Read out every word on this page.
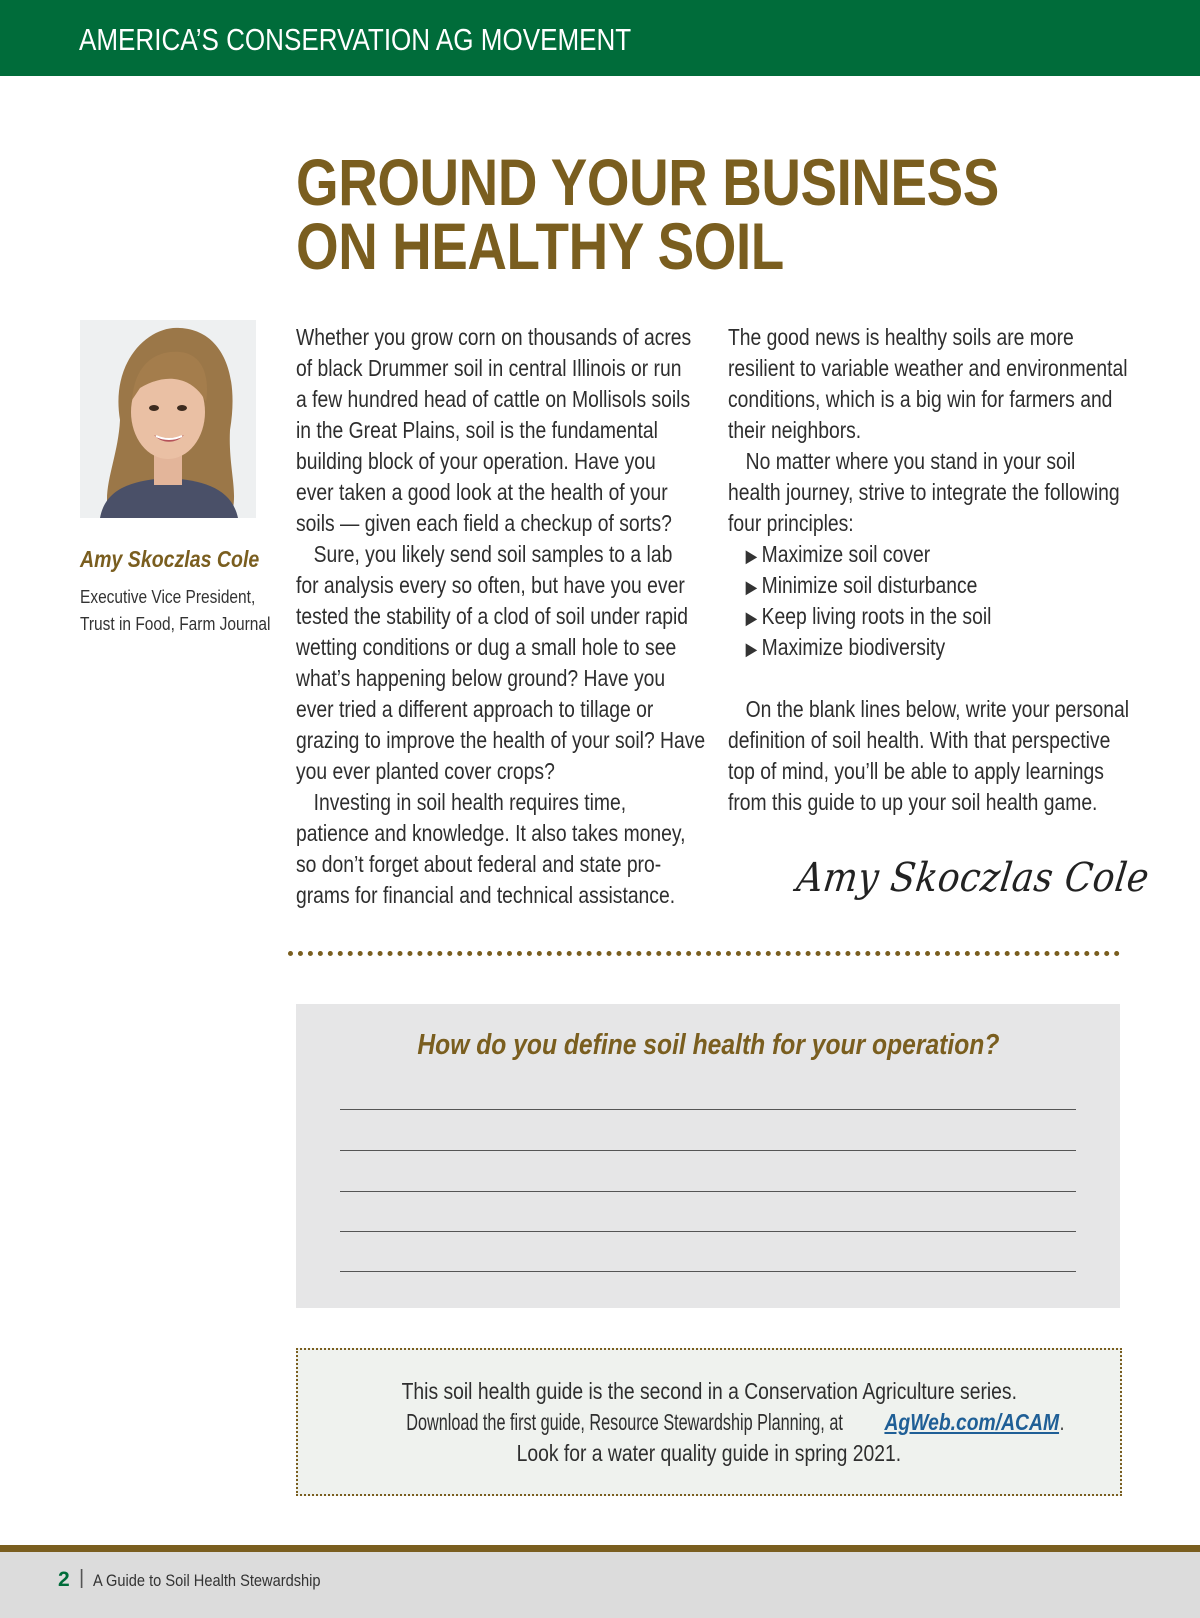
AMERICA’S CONSERVATION AG MOVEMENT
GROUND YOUR BUSINESS
ON HEALTHY SOIL
Amy Skoczlas Cole
Executive Vice President,
Trust in Food, Farm Journal
Whether you grow corn on thousands of acres
of black Drummer soil in central Illinois or run
a few hundred head of cattle on Mollisols soils
in the Great Plains, soil is the fundamental
building block of your operation. Have you
ever taken a good look at the health of your
soils — given each field a checkup of sorts?
Sure, you likely send soil samples to a lab
for analysis every so often, but have you ever
tested the stability of a clod of soil under rapid
wetting conditions or dug a small hole to see
what’s happening below ground? Have you
ever tried a different approach to tillage or
grazing to improve the health of your soil? Have
you ever planted cover crops?
Investing in soil health requires time,
patience and knowledge. It also takes money,
so don’t forget about federal and state pro-
grams for financial and technical assistance.
The good news is healthy soils are more
resilient to variable weather and environmental
conditions, which is a big win for farmers and
their neighbors.
No matter where you stand in your soil
health journey, strive to integrate the following
four principles:
▶ Maximize soil cover
▶ Minimize soil disturbance
▶ Keep living roots in the soil
▶ Maximize biodiversity
On the blank lines below, write your personal
definition of soil health. With that perspective
top of mind, you’ll be able to apply learnings
from this guide to up your soil health game.
Amy Skoczlas Cole
How do you define soil health for your operation?
This soil health guide is the second in a Conservation Agriculture series.
Download the first guide, Resource Stewardship Planning, atAgWeb.com/ACAM.
Look for a water quality guide in spring 2021.
2 | A Guide to Soil Health Stewardship
